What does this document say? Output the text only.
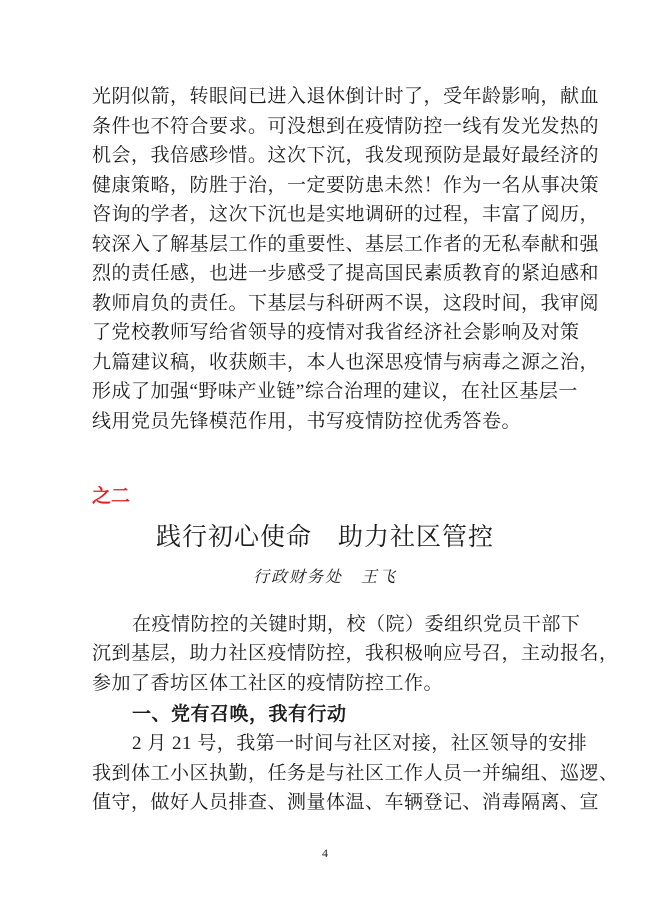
光阴似箭，转眼间已进入退休倒计时了，受年龄影响，献血
条件也不符合要求。可没想到在疫情防控一线有发光发热的
机会，我倍感珍惜。这次下沉，我发现预防是最好最经济的
健康策略，防胜于治，一定要防患未然！作为一名从事决策
咨询的学者，这次下沉也是实地调研的过程，丰富了阅历，
较深入了解基层工作的重要性、基层工作者的无私奉献和强
烈的责任感，也进一步感受了提高国民素质教育的紧迫感和
教师肩负的责任。下基层与科研两不误，这段时间，我审阅
了党校教师写给省领导的疫情对我省经济社会影响及对策
九篇建议稿，收获颇丰，本人也深思疫情与病毒之源之治，
形成了加强“野味产业链”综合治理的建议，在社区基层一
线用党员先锋模范作用，书写疫情防控优秀答卷。
之二
践行初心使命　助力社区管控
行政财务处　王飞
在疫情防控的关键时期，校（院）委组织党员干部下
沉到基层，助力社区疫情防控，我积极响应号召，主动报名，
参加了香坊区体工社区的疫情防控工作。
一、党有召唤，我有行动
2 月 21 号，我第一时间与社区对接，社区领导的安排
我到体工小区执勤，任务是与社区工作人员一并编组、巡逻、
值守，做好人员排查、测量体温、车辆登记、消毒隔离、宣
4
